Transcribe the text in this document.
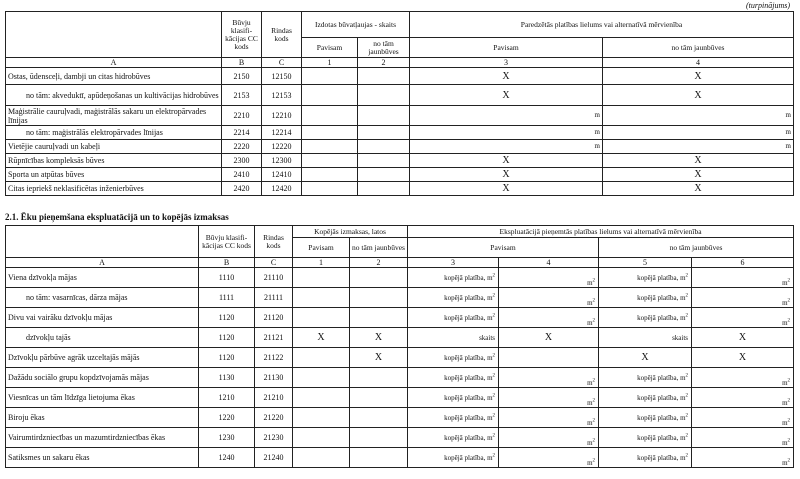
(turpinājums)
	Būvju klasifi-kācijas CC kods	Rindas kods	Izdotas būvatļaujas - skaits		Paredzētās platības lielums vai alternatīvā mērvienība	
			Pavisam	no tām jaunbūves	Pavisam	no tām jaunbūves
A	B	C	1	2	3	4
Ostas, ūdensceļi, dambji un citas hidrobūves	2150	12150			X	X
no tām: akveduktī, apūdeņošanas un kultivācijas hidrobūves	2153	12153			X	X
Maģistrālie cauruļvadi, maģistrālās sakaru un elektropārvades līnijas	2210	12210			m	m
no tām: maģistrālās elektropārvades līnijas	2214	12214			m	m
Vietējie cauruļvadi un kabeļi	2220	12220			m	m
Rūpnīcības kompleksās būves	2300	12300			X	X
Sporta un atpūtas būves	2410	12410			X	X
Citas iepriekš neklasificētas inženierbūves	2420	12420			X	X
2.1. Ēku pieņemšana ekspluatācijā un to kopējās izmaksas
	Būvju klasifi-kācijas CC kods	Rindas kods	Kopējās izmaksas, latos		Ekspluatācijā pieņemtās platības lielums vai alternatīvā mērvienība			
			Pavisam	no tām jaunbūves	Pavisam		no tām jaunbūves	
A	B	C	1	2	3	4	5	6
Viena dzīvokļa mājas	1110	21110			kopējā platība, $m^2$	$m^2$	kopējā platība, $m^2$	$m^2$
no tām: vasarnīcas, dārza mājas	1111	21111			kopējā platība, $m^2$	$m^2$	kopējā platība, $m^2$	$m^2$
Divu vai vairāku dzīvokļu mājas	1120	21120			kopējā platība, $m^2$	$m^2$	kopējā platība, $m^2$	$m^2$
dzīvokļu tajās	1120	21121	X	X	skaits	X	skaits	X
Dzīvokļu pārbūve agrāk uzceltajās mājās	1120	21122		X	kopējā platība, $m^2$		X	X
Dažādu sociālo grupu kopdzīvojamās mājas	1130	21130			kopējā platība, $m^2$	$m^2$	kopējā platība, $m^2$	$m^2$
Viesnīcas un tām līdzīga lietojuma ēkas	1210	21210			kopējā platība, $m^2$	$m^2$	kopējā platība, $m^2$	$m^2$
Biroju ēkas	1220	21220			kopējā platība, $m^2$	$m^2$	kopējā platība, $m^2$	$m^2$
Vairumtirdzniecības un mazumtirdzniecības ēkas	1230	21230			kopējā platība, $m^2$	$m^2$	kopējā platība, $m^2$	$m^2$
Satiksmes un sakaru ēkas	1240	21240			kopējā platība, $m^2$	$m^2$	kopējā platība, $m^2$	$m^2$
